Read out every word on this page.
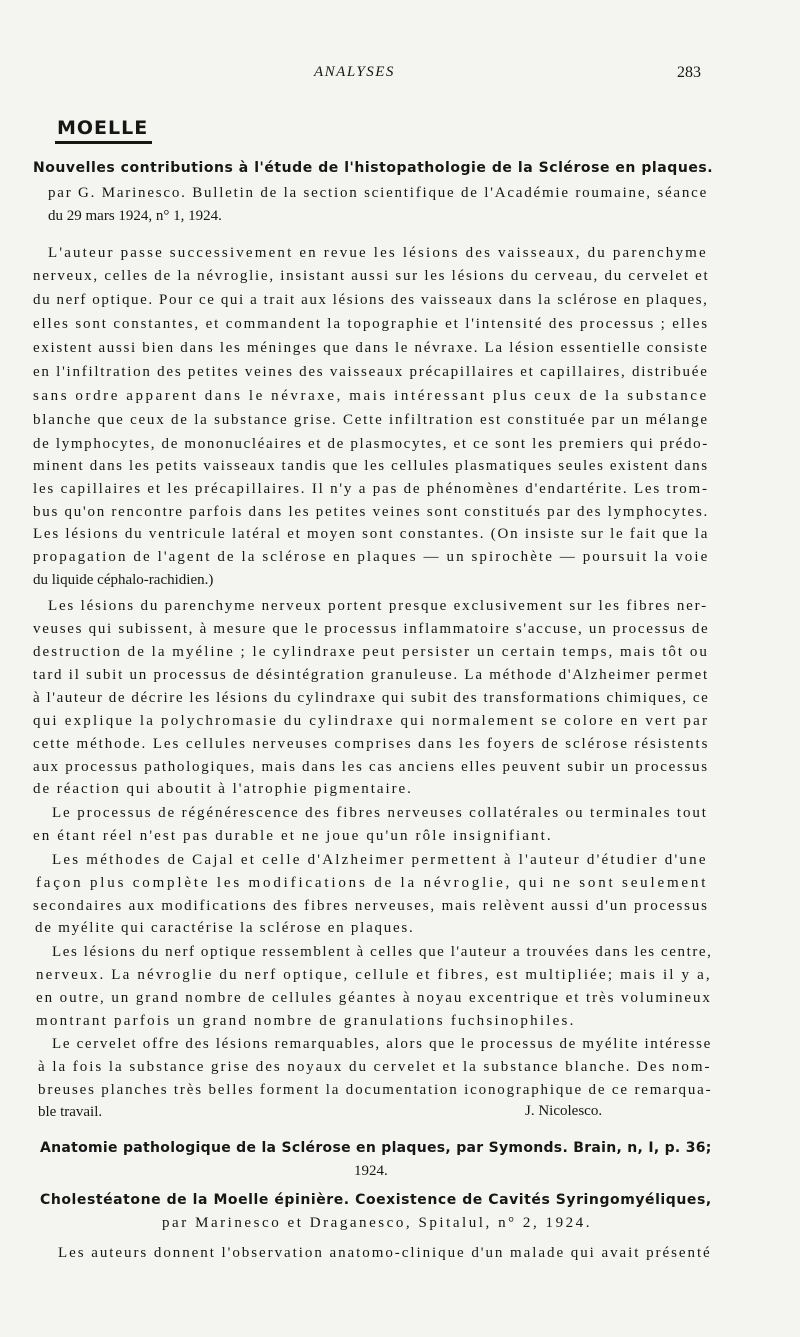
ANALYSES	283
MOELLE
Nouvelles contributions à l'étude de l'histopathologie de la Sclérose en plaques.
par G. Marinesco. Bulletin de la section scientifique de l'Académie roumaine, séance
du 29 mars 1924, n° 1, 1924.
L'auteur passe successivement en revue les lésions des vaisseaux, du parenchyme
nerveux, celles de la névroglie, insistant aussi sur les lésions du cerveau, du cervelet et
du nerf optique. Pour ce qui a trait aux lésions des vaisseaux dans la sclérose en plaques,
elles sont constantes, et commandent la topographie et l'intensité des processus ; elles
existent aussi bien dans les méninges que dans le névraxe. La lésion essentielle consiste
en l'infiltration des petites veines des vaisseaux précapillaires et capillaires, distribuée
sans ordre apparent dans le névraxe, mais intéressant plus ceux de la substance
blanche que ceux de la substance grise. Cette infiltration est constituée par un mélange
de lymphocytes, de mononucléaires et de plasmocytes, et ce sont les premiers qui prédo-
minent dans les petits vaisseaux tandis que les cellules plasmatiques seules existent dans
les capillaires et les précapillaires. Il n'y a pas de phénomènes d'endartérite. Les trom-
bus qu'on rencontre parfois dans les petites veines sont constitués par des lymphocytes.
Les lésions du ventricule latéral et moyen sont constantes. (On insiste sur le fait que la
propagation de l'agent de la sclérose en plaques — un spirochète — poursuit la voie
du liquide céphalo-rachidien.)
Les lésions du parenchyme nerveux portent presque exclusivement sur les fibres ner-
veuses qui subissent, à mesure que le processus inflammatoire s'accuse, un processus de
destruction de la myéline ; le cylindraxe peut persister un certain temps, mais tôt ou
tard il subit un processus de désintégration granuleuse. La méthode d'Alzheimer permet
à l'auteur de décrire les lésions du cylindraxe qui subit des transformations chimiques, ce
qui explique la polychromasie du cylindraxe qui normalement se colore en vert par
cette méthode. Les cellules nerveuses comprises dans les foyers de sclérose résistents
aux processus pathologiques, mais dans les cas anciens elles peuvent subir un processus
de réaction qui aboutit à l'atrophie pigmentaire.
Le processus de régénérescence des fibres nerveuses collatérales ou terminales tout
en étant réel n'est pas durable et ne joue qu'un rôle insignifiant.
Les méthodes de Cajal et celle d'Alzheimer permettent à l'auteur d'étudier d'une
façon plus complète les modifications de la névroglie, qui ne sont seulement
secondaires aux modifications des fibres nerveuses, mais relèvent aussi d'un processus
de myélite qui caractérise la sclérose en plaques.
Les lésions du nerf optique ressemblent à celles que l'auteur a trouvées dans les centre,
nerveux. La névroglie du nerf optique, cellule et fibres, est multipliée; mais il y a,
en outre, un grand nombre de cellules géantes à noyau excentrique et très volumineux
montrant parfois un grand nombre de granulations fuchsinophiles.
Le cervelet offre des lésions remarquables, alors que le processus de myélite intéresse
à la fois la substance grise des noyaux du cervelet et la substance blanche. Des nom-
breuses planches très belles forment la documentation iconographique de ce remarqua-
ble travail.	J. Nicolesco.
Anatomie pathologique de la Sclérose en plaques, par Symonds. Brain, n, I, p. 36;
1924.
Cholestéatone de la Moelle épinière. Coexistence de Cavités Syringomyéliques,
par Marinesco et Draganesco, Spitalul, n° 2, 1924.
Les auteurs donnent l'observation anatomo-clinique d'un malade qui avait présenté
